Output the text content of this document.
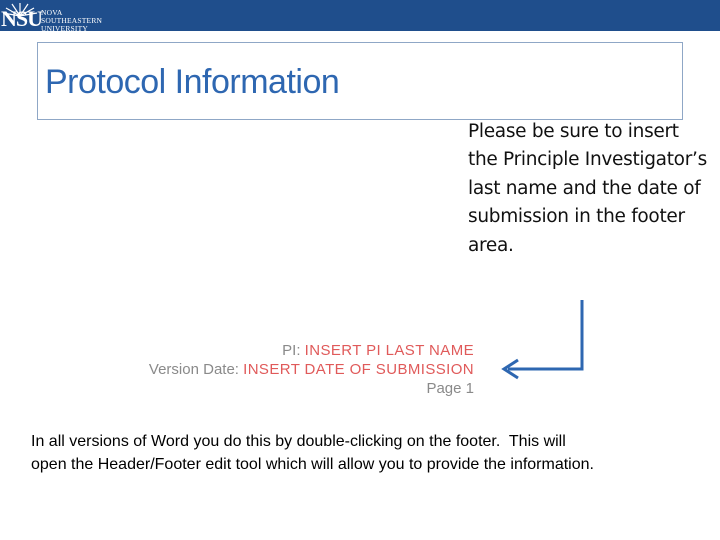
NSU
NOVA SOUTHEASTERN
UNIVERSITY
Protocol Information

Please be sure to insert the Principle Investigator’s last name and the date of submission in the footer area.

PI: INSERT PI LAST NAME
Version Date: INSERT DATE OF SUBMISSION
Page 1

In all versions of Word you do this by double-clicking on the footer.  This will
open the Header/Footer edit tool which will allow you to provide the information.
